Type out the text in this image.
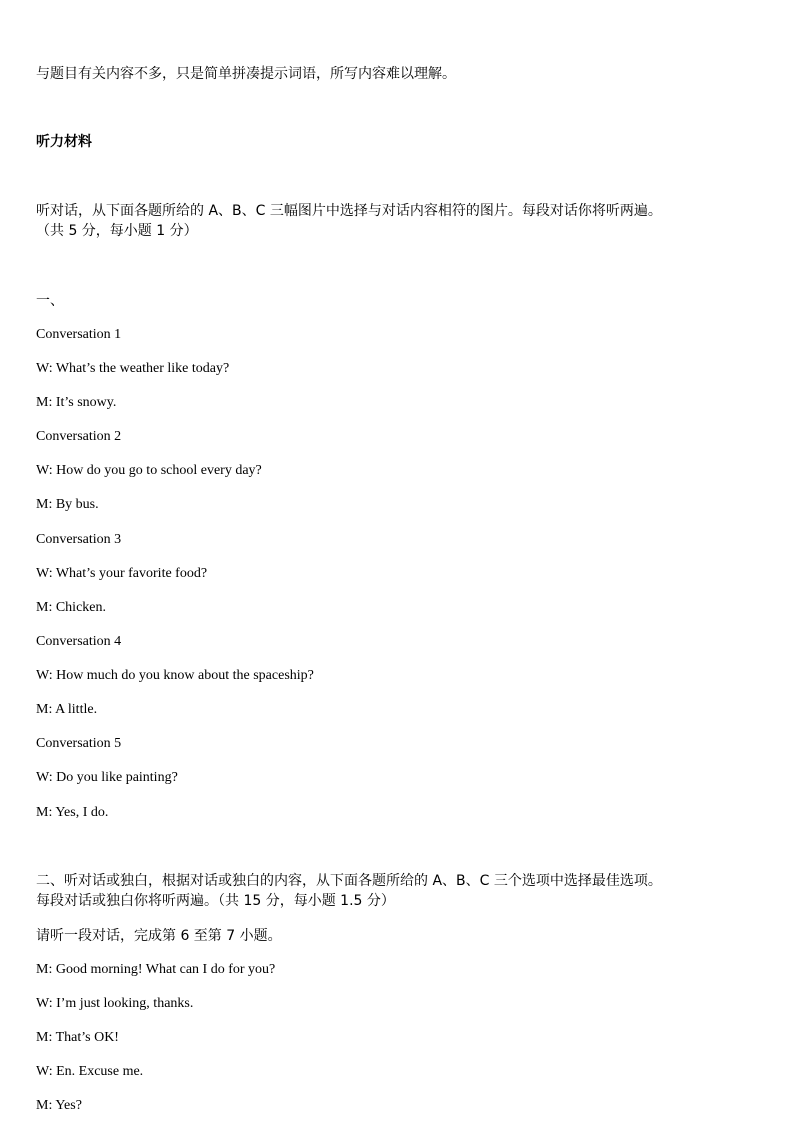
与题目有关内容不多，只是简单拼凑提示词语，所写内容难以理解。
听力材料
听对话，从下面各题所给的 A、B、C 三幅图片中选择与对话内容相符的图片。每段对话你将听两遍。
（共 5 分，每小题 1 分）
一、
Conversation 1
W: What’s the weather like today?
M: It’s snowy.
Conversation 2
W: How do you go to school every day?
M: By bus.
Conversation 3
W: What’s your favorite food?
M: Chicken.
Conversation 4
W: How much do you know about the spaceship?
M: A little.
Conversation 5
W: Do you like painting?
M: Yes, I do.
二、听对话或独白，根据对话或独白的内容，从下面各题所给的 A、B、C 三个选项中选择最佳选项。
每段对话或独白你将听两遍。（共 15 分，每小题 1.5 分）
请听一段对话，完成第 6 至第 7 小题。
M: Good morning! What can I do for you?
W: I’m just looking, thanks.
M: That’s OK!
W: En. Excuse me.
M: Yes?
